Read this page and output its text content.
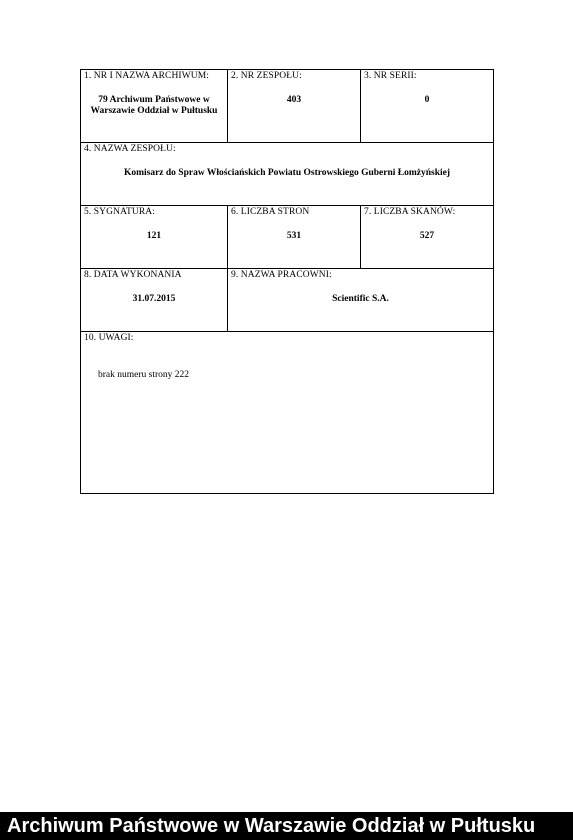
1. NR I NAZWA ARCHIWUM:
79 Archiwum Państwowe w Warszawie Oddział w Pułtusku
2. NR ZESPOŁU:
403
3. NR SERII:
0
4. NAZWA ZESPOŁU:
Komisarz do Spraw Włościańskich Powiatu Ostrowskiego Guberni Łomżyńskiej
5. SYGNATURA:
121
6. LICZBA STRON
531
7. LICZBA SKANÓW:
527
8. DATA WYKONANIA
31.07.2015
9. NAZWA PRACOWNI:
Scientific S.A.
10. UWAGI:
brak numeru strony 222
Archiwum Państwowe w Warszawie Oddział w Pułtusku
